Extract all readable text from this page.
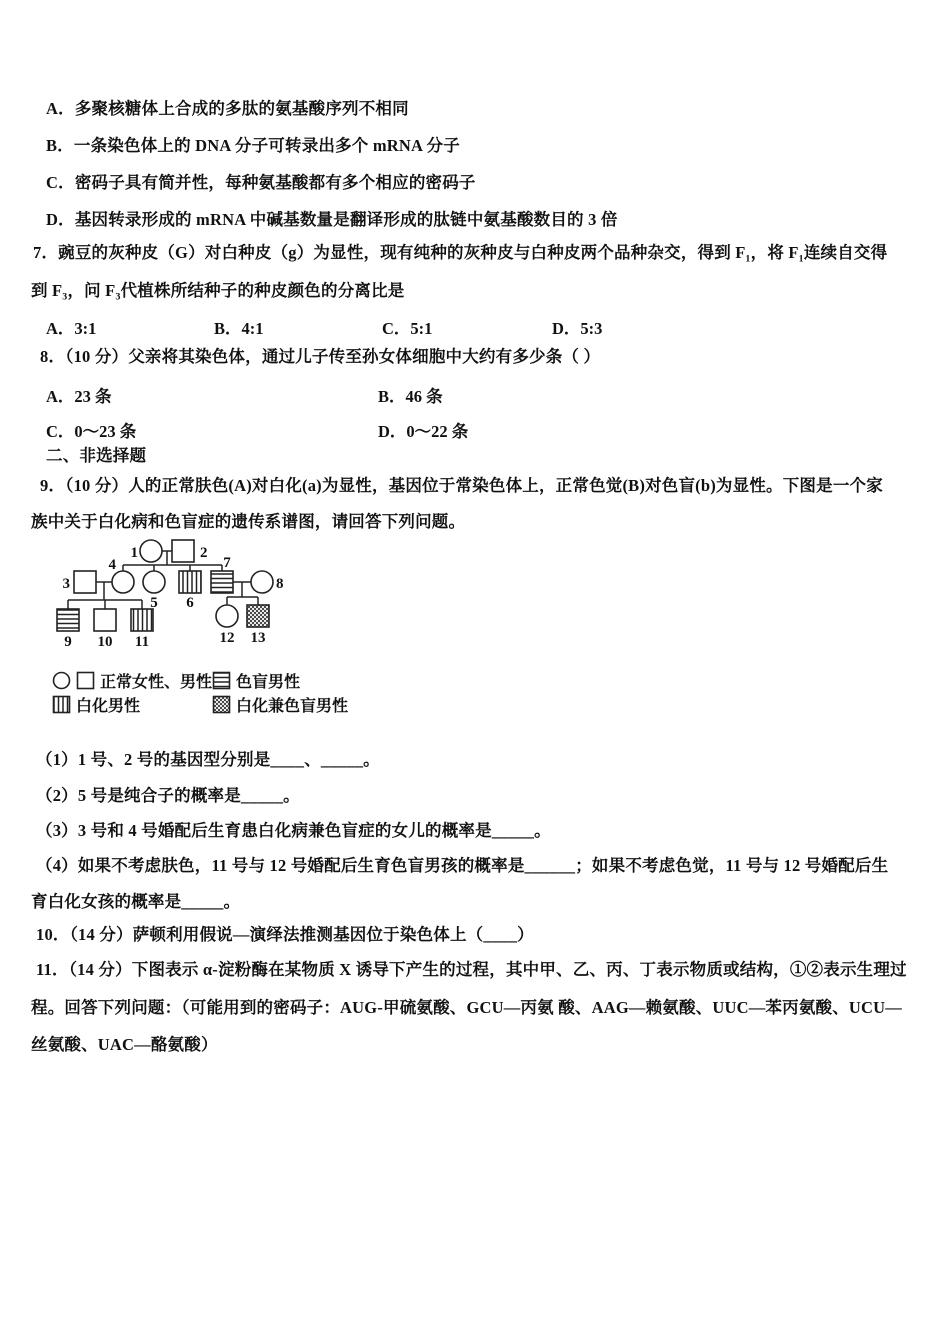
A．多聚核糖体上合成的多肽的氨基酸序列不相同
B．一条染色体上的 DNA 分子可转录出多个 mRNA 分子
C．密码子具有简并性，每种氨基酸都有多个相应的密码子
D．基因转录形成的 mRNA 中碱基数量是翻译形成的肽链中氨基酸数目的 3 倍
7．豌豆的灰种皮（G）对白种皮（g）为显性，现有纯种的灰种皮与白种皮两个品种杂交，得到 F₁，将 F₁连续自交得
到 F₃，问 F₃代植株所结种子的种皮颜色的分离比是
A．3:1	B．4:1	C．5:1	D．5:3
8．（10 分）父亲将其染色体，通过儿子传至孙女体细胞中大约有多少条（ ）
A．23 条	B．46 条
C．0～23 条	D．0～22 条
二、非选择题
9．（10 分）人的正常肤色(A)对白化(a)为显性，基因位于常染色体上，正常色觉(B)对色盲(b)为显性。下图是一个家
族中关于白化病和色盲症的遗传系谱图，请回答下列问题。
1	2
3
4
5 6
7
8
9 10 11	12 13
正常女性、男性 色盲男性
白化男性	白化兼色盲男性
（1）1 号、2 号的基因型分别是____、_____。
（2）5 号是纯合子的概率是_____。
（3）3 号和 4 号婚配后生育患白化病兼色盲症的女儿的概率是_____。
（4）如果不考虑肤色，11 号与 12 号婚配后生育色盲男孩的概率是______；如果不考虑色觉，11 号与 12 号婚配后生
育白化女孩的概率是_____。
10．（14 分）萨顿利用假说—演绎法推测基因位于染色体上（____）
11．（14 分）下图表示 α-淀粉酶在某物质 X 诱导下产生的过程，其中甲、乙、丙、丁表示物质或结构，①②表示生理过
程。回答下列问题：（可能用到的密码子：AUG-甲硫氨酸、GCU—丙氨 酸、AAG—赖氨酸、UUC—苯丙氨酸、UCU—
丝氨酸、UAC—酪氨酸）
